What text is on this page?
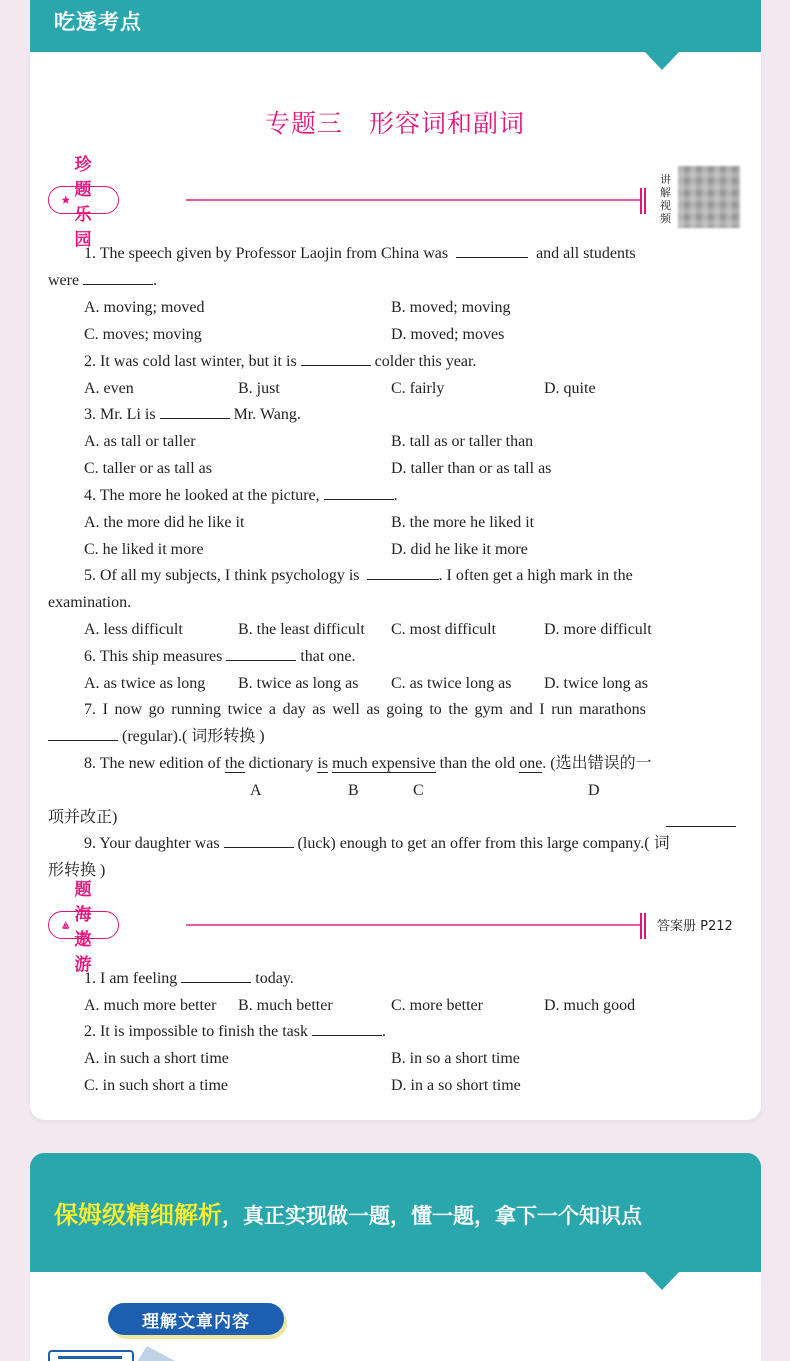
吃透考点
专题三　形容词和副词
珍题乐园
讲解视频
1. The speech given by Professor Laojin from China was	and all students
were	.
A. moving; moved	B. moved; moving
C. moves; moving	D. moved; moves
2. It was cold last winter, but it is	colder this year.
A. even	B. just	C. fairly	D. quite
3. Mr. Li is	Mr. Wang.
A. as tall or taller	B. tall as or taller than
C. taller or as tall as	D. taller than or as tall as
4. The more he looked at the picture,	.
A. the more did he like it	B. the more he liked it
C. he liked it more	D. did he like it more
5. Of all my subjects, I think psychology is	. I often get a high mark in the
examination.
A. less difficult	B. the least difficult C. most difficult	D. more difficult
6. This ship measures	that one.
A. as twice as long B. twice as long as C. as twice long as D. twice long as
7. I now go running twice a day as well as going to the gym and I run marathons
(regular).( 词形转换 )
8. The new edition of the dictionary is much expensive than the old one. (选出错误的一
A	B	C	D
项并改正)
9. Your daughter was	(luck) enough to get an offer from this large company.( 词
形转换 )
题海遨游
答案册 P212
1. I am feeling	today.
A. much more better B. much better	C. more better	D. much good
2. It is impossible to finish the task	.
A. in such a short time	B. in so a short time
C. in such short a time	D. in a so short time
保姆级精细解析，真正实现做一题，懂一题，拿下一个知识点
理解文章内容
